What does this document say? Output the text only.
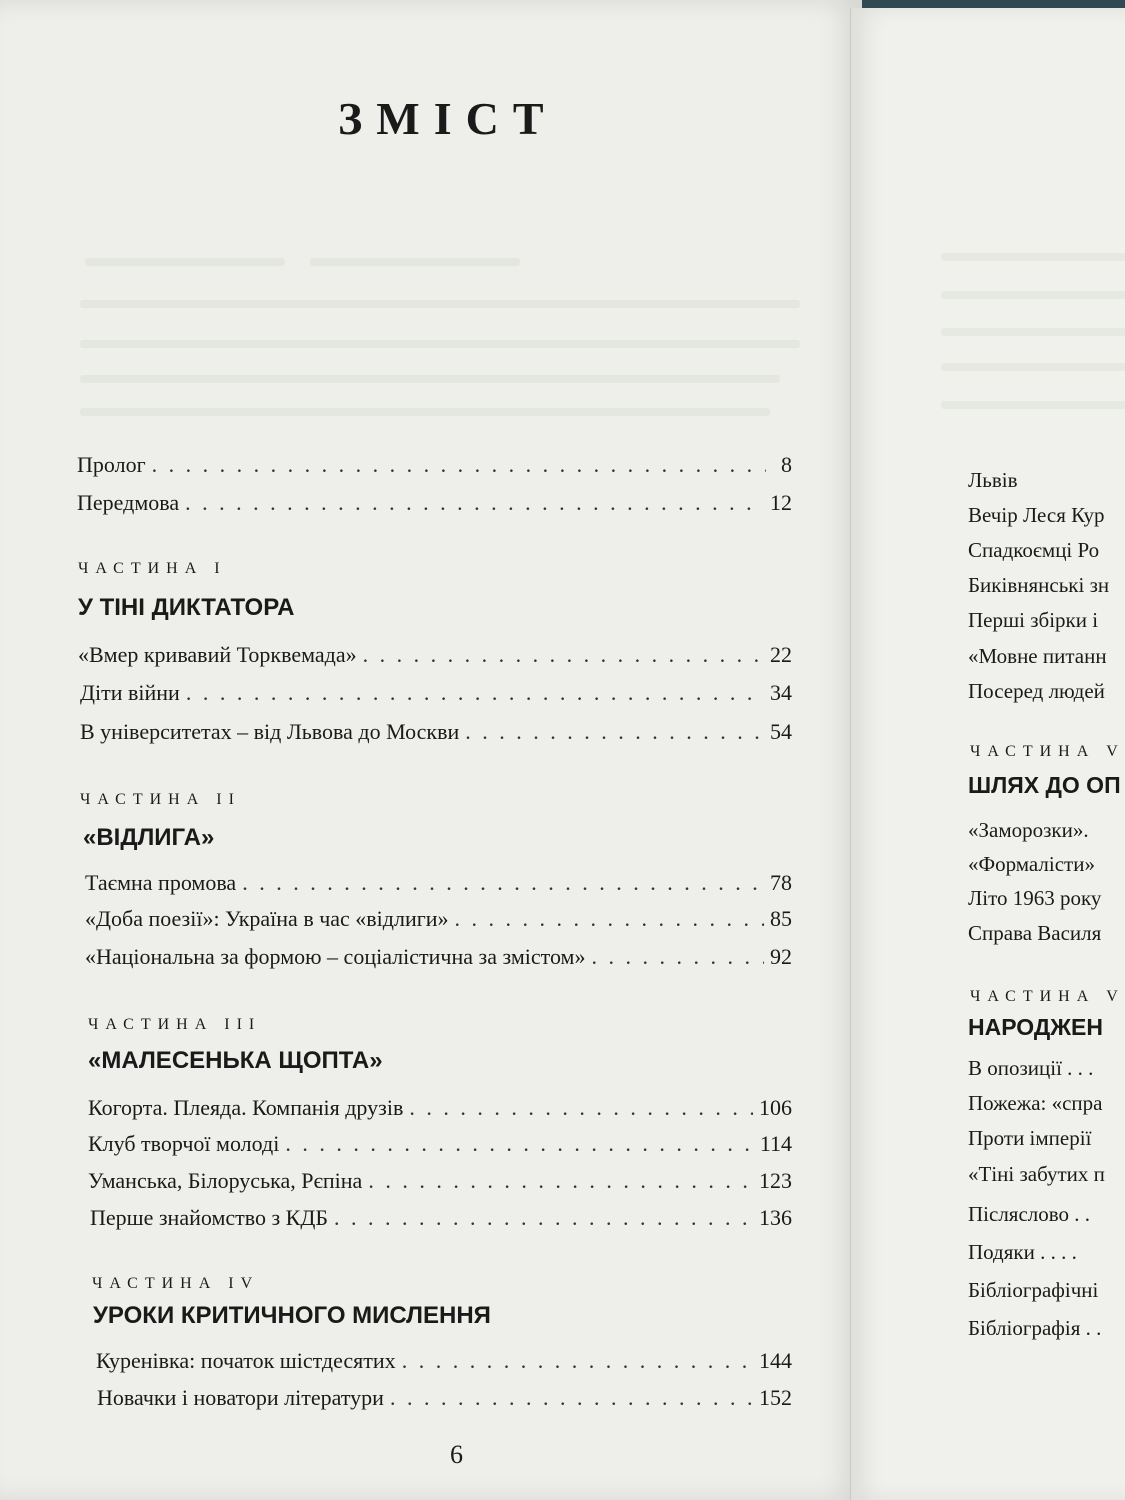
ЗМІСТ
Пролог . . .	8
Передмова . . .	12
ЧАСТИНА I
У ТІНІ ДИКТАТОРА
«Вмер кривавий Торквемада» . . .	22
Діти війни . . .	34
В університетах – від Львова до Москви . . .	54
ЧАСТИНА II
«ВІДЛИГА»
Таємна промова . . .	78
«Доба поезії»: Україна в час «відлиги» . . .	85
«Національна за формою – соціалістична за змістом» . . .	92
ЧАСТИНА III
«МАЛЕСЕНЬКА ЩОПТА»
Когорта. Плеяда. Компанія друзів . . .	106
Клуб творчої молоді . . .	114
Уманська, Білоруська, Рєпіна . . .	123
Перше знайомство з КДБ . . .	136
ЧАСТИНА IV
УРОКИ КРИТИЧНОГО МИСЛЕННЯ
Куренівка: початок шістдесятих . . .	144
Новачки і новатори літератури . . .	152
6
Львів
Вечір Леся Кур
Спадкоємці Ро
Биківнянські зн
Перші збірки і
«Мовне питанн
Посеред людей
ЧАСТИНА V
ШЛЯХ ДО ОП
«Заморозки».
«Формалісти»
Літо 1963 року
Справа Василя
ЧАСТИНА V
НАРОДЖЕН
В опозиції . . .
Пожежа: «спра
Проти імперії
«Тіні забутих п
Післяслово . .
Подяки . . . .
Бібліографічні
Бібліографія . .
